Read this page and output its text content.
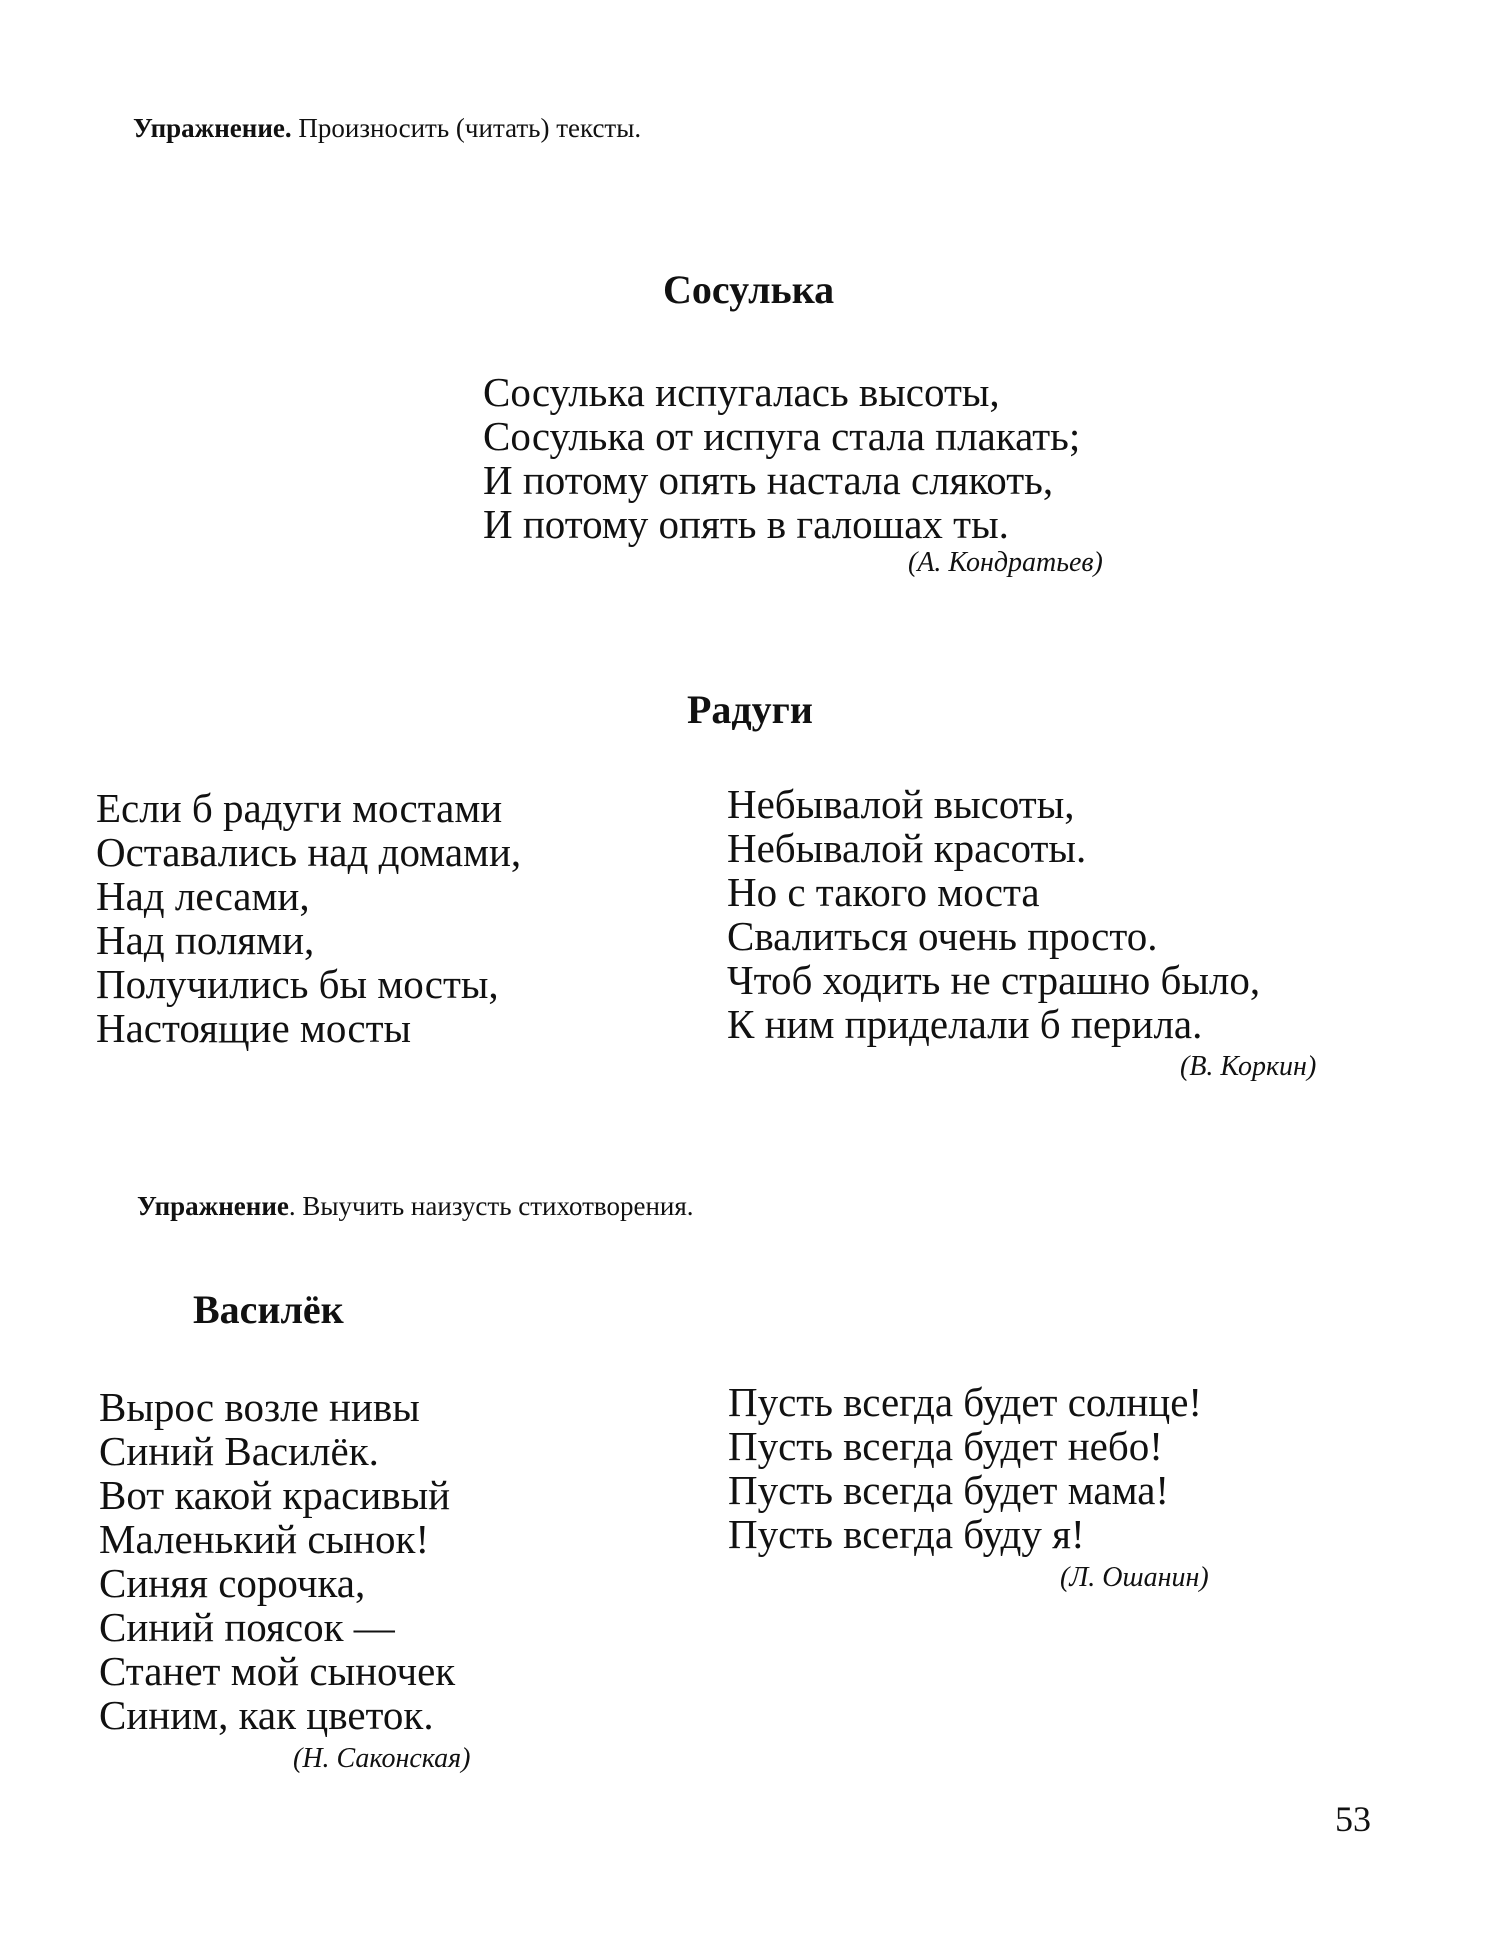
Упражнение. Произносить (читать) тексты.
Сосулька
Сосулька испугалась высоты,
Сосулька от испуга стала плакать;
И потому опять настала слякоть,
И потому опять в галошах ты.
(А. Кондратьев)
Радуги
Если б радуги мостами
Оставались над домами,
Над лесами,
Над полями,
Получились бы мосты,
Настоящие мосты
Небывалой высоты,
Небывалой красоты.
Но с такого моста
Свалиться очень просто.
Чтоб ходить не страшно было,
К ним приделали б перила.
(В. Коркин)
Упражнение. Выучить наизусть стихотворения.
Василёк
Вырос возле нивы
Синий Василёк.
Вот какой красивый
Маленький сынок!
Синяя сорочка,
Синий поясок —
Станет мой сыночек
Синим, как цветок.
(Н. Саконская)
Пусть всегда будет солнце!
Пусть всегда будет небо!
Пусть всегда будет мама!
Пусть всегда буду я!
(Л. Ошанин)
53
